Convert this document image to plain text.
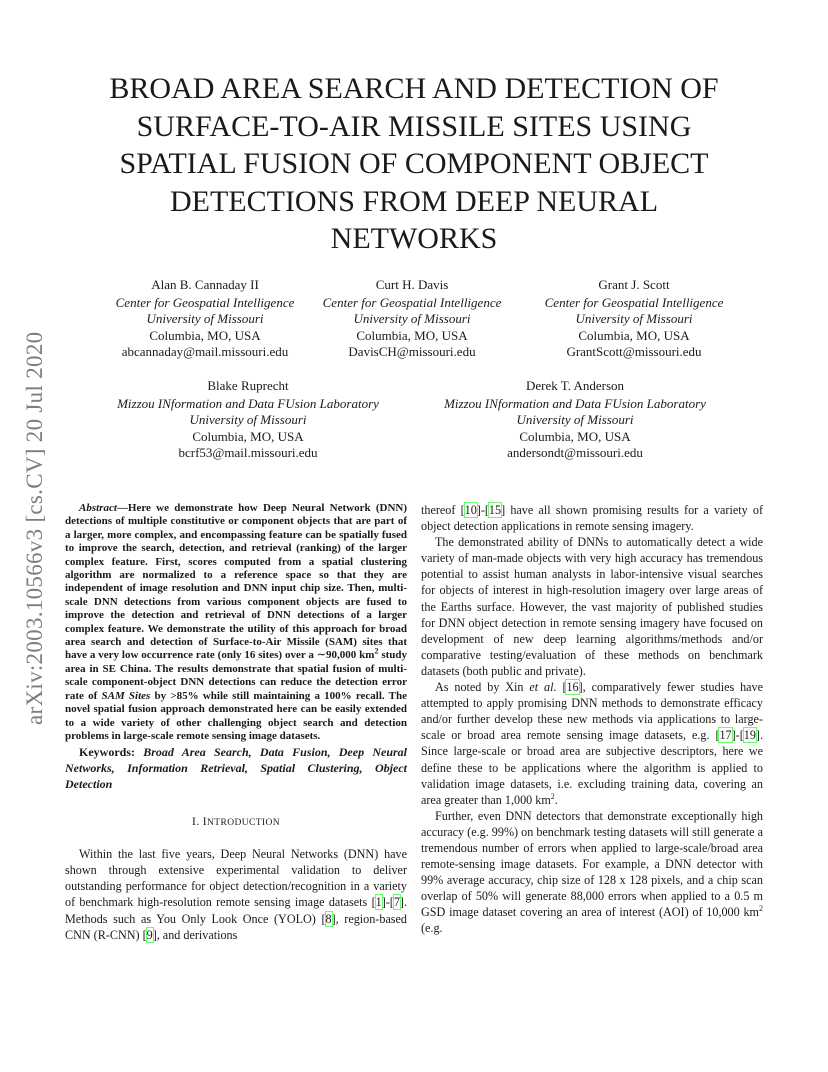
arXiv:2003.10566v3 [cs.CV] 20 Jul 2020
BROAD AREA SEARCH AND DETECTION OF
SURFACE-TO-AIR MISSILE SITES USING
SPATIAL FUSION OF COMPONENT OBJECT
DETECTIONS FROM DEEP NEURAL
NETWORKS
Alan B. Cannaday II
Center for Geospatial Intelligence
University of Missouri
Columbia, MO, USA
abcannaday@mail.missouri.edu
Curt H. Davis
Center for Geospatial Intelligence
University of Missouri
Columbia, MO, USA
DavisCH@missouri.edu
Grant J. Scott
Center for Geospatial Intelligence
University of Missouri
Columbia, MO, USA
GrantScott@missouri.edu
Blake Ruprecht
Mizzou INformation and Data FUsion Laboratory
University of Missouri
Columbia, MO, USA
bcrf53@mail.missouri.edu
Derek T. Anderson
Mizzou INformation and Data FUsion Laboratory
University of Missouri
Columbia, MO, USA
andersondt@missouri.edu

Abstract—Here we demonstrate how Deep Neural Network (DNN) detections of multiple constitutive or component objects that are part of a larger, more complex, and encompassing feature can be spatially fused to improve the search, detection, and retrieval (ranking) of the larger complex feature. First, scores computed from a spatial clustering algorithm are normalized to a reference space so that they are independent of image resolution and DNN input chip size. Then, multi-scale DNN detections from various component objects are fused to improve the detection and retrieval of DNN detections of a larger complex feature. We demonstrate the utility of this approach for broad area search and detection of Surface-to-Air Missile (SAM) sites that have a very low occurrence rate (only 16 sites) over a ∼90,000 $km^2$ study area in SE China. The results demonstrate that spatial fusion of multi-scale component-object DNN detections can reduce the detection error rate of SAM Sites by >85% while still maintaining a 100% recall. The novel spatial fusion approach demonstrated here can be easily extended to a wide variety of other challenging object search and detection problems in large-scale remote sensing image datasets.

Keywords: Broad Area Search, Data Fusion, Deep Neural Networks, Information Retrieval, Spatial Clustering, Object Detection

I. INTRODUCTION

Within the last five years, Deep Neural Networks (DNN) have shown through extensive experimental validation to deliver outstanding performance for object detection/recognition in a variety of benchmark high-resolution remote sensing image datasets [ 1 ] - [ 7 ] . Methods such as You Only Look Once (YOLO) [ 8 ] , region-based CNN (R-CNN) [ 9 ] , and derivations

thereof [ 10 ] - [ 15 ] have all shown promising results for a variety of object detection applications in remote sensing imagery.

The demonstrated ability of DNNs to automatically detect a wide variety of man-made objects with very high accuracy has tremendous potential to assist human analysts in labor-intensive visual searches for objects of interest in high-resolution imagery over large areas of the Earths surface. However, the vast majority of published studies for DNN object detection in remote sensing imagery have focused on development of new deep learning algorithms/methods and/or comparative testing/evaluation of these methods on benchmark datasets (both public and private).

As noted by Xin et al. [ 16 ] , comparatively fewer studies have attempted to apply promising DNN methods to demonstrate efficacy and/or further develop these new methods via applications to large-scale or broad area remote sensing image datasets, e.g. [ 17 ] - [ 19 ] . Since large-scale or broad area are subjective descriptors, here we define these to be applications where the algorithm is applied to validation image datasets, i.e. excluding training data, covering an area greater than 1,000 $km^2$.

Further, even DNN detectors that demonstrate exceptionally high accuracy (e.g. 99%) on benchmark testing datasets will still generate a tremendous number of errors when applied to large-scale/broad area remote-sensing image datasets. For example, a DNN detector with 99% average accuracy, chip size of 128 x 128 pixels, and a chip scan overlap of 50% will generate 88,000 errors when applied to a 0.5 m GSD image dataset covering an area of interest (AOI) of 10,000 $km^2$ (e.g.
